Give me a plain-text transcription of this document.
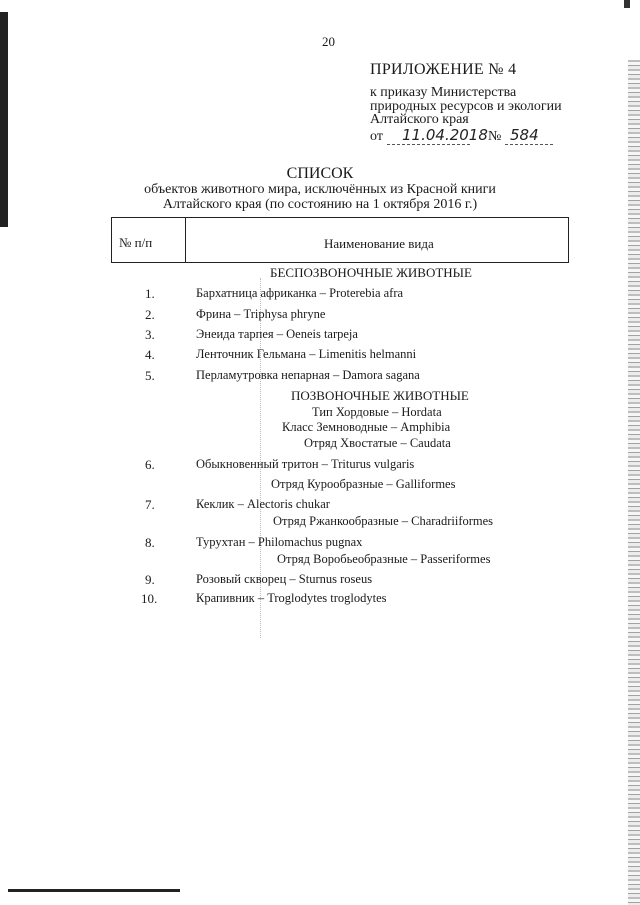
20
ПРИЛОЖЕНИЕ № 4
к приказу Министерства
природных ресурсов и экологии
Алтайского края
от 11.04.2018 № 584
СПИСОК
объектов животного мира, исключённых из Красной книги
Алтайского края (по состоянию на 1 октября 2016 г.)
№ п/п	Наименование вида
БЕСПОЗВОНОЧНЫЕ ЖИВОТНЫЕ
1.	Бархатница африканка – Proterebia afra
2.	Фрина – Triphysa phryne
3.	Энеида тарпея – Oeneis tarpeja
4.	Ленточник Гельмана – Limenitis helmanni
5.	Перламутровка непарная – Damora sagana
ПОЗВОНОЧНЫЕ ЖИВОТНЫЕ
Тип Хордовые – Hordata
Класс Земноводные – Amphibia
Отряд Хвостатые – Caudata
6.	Обыкновенный тритон – Triturus vulgaris
Отряд Курообразные – Galliformes
7.	Кеклик – Alectoris chukar
Отряд Ржанкообразные – Charadriiformes
8.	Турухтан – Philomachus pugnax
Отряд Воробьеобразные – Passeriformes
9.	Розовый скворец – Sturnus roseus
10.	Крапивник – Troglodytes troglodytes
